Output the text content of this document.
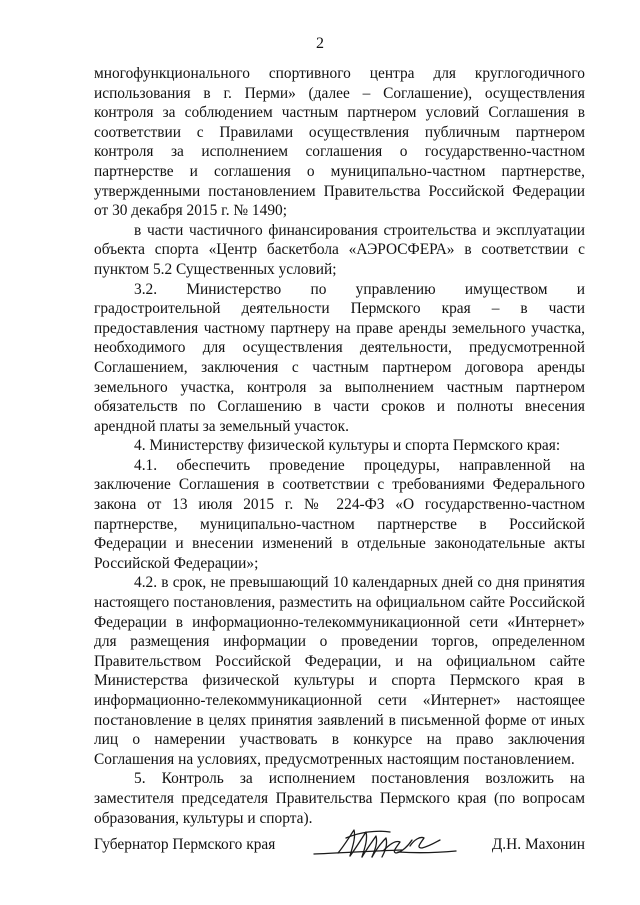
2

многофункционального спортивного центра для круглогодичного использования в г. Перми» (далее – Соглашение), осуществления контроля за соблюдением частным партнером условий Соглашения в соответствии с Правилами осуществления публичным партнером контроля за исполнением соглашения о государственно-частном партнерстве и соглашения о муниципально-частном партнерстве, утвержденными постановлением Правительства Российской Федерации от 30 декабря 2015 г. № 1490;

в части частичного финансирования строительства и эксплуатации объекта спорта «Центр баскетбола «АЭРОСФЕРА» в соответствии с пунктом 5.2 Существенных условий;

3.2. Министерство по управлению имуществом и градостроительной деятельности Пермского края – в части предоставления частному партнеру на праве аренды земельного участка, необходимого для осуществления деятельности, предусмотренной Соглашением, заключения с частным партнером договора аренды земельного участка, контроля за выполнением частным партнером обязательств по Соглашению в части сроков и полноты внесения арендной платы за земельный участок.

4. Министерству физической культуры и спорта Пермского края:

4.1. обеспечить проведение процедуры, направленной на заключение Соглашения в соответствии с требованиями Федерального закона от 13 июля 2015 г. № 224-ФЗ «О государственно-частном партнерстве, муниципально-частном партнерстве в Российской Федерации и внесении изменений в отдельные законодательные акты Российской Федерации»;

4.2. в срок, не превышающий 10 календарных дней со дня принятия настоящего постановления, разместить на официальном сайте Российской Федерации в информационно-телекоммуникационной сети «Интернет» для размещения информации о проведении торгов, определенном Правительством Российской Федерации, и на официальном сайте Министерства физической культуры и спорта Пермского края в информационно-телекоммуникационной сети «Интернет» настоящее постановление в целях принятия заявлений в письменной форме от иных лиц о намерении участвовать в конкурсе на право заключения Соглашения на условиях, предусмотренных настоящим постановлением.

5. Контроль за исполнением постановления возложить на заместителя председателя Правительства Пермского края (по вопросам образования, культуры и спорта).

Губернатор Пермского края	Д.Н. Махонин
